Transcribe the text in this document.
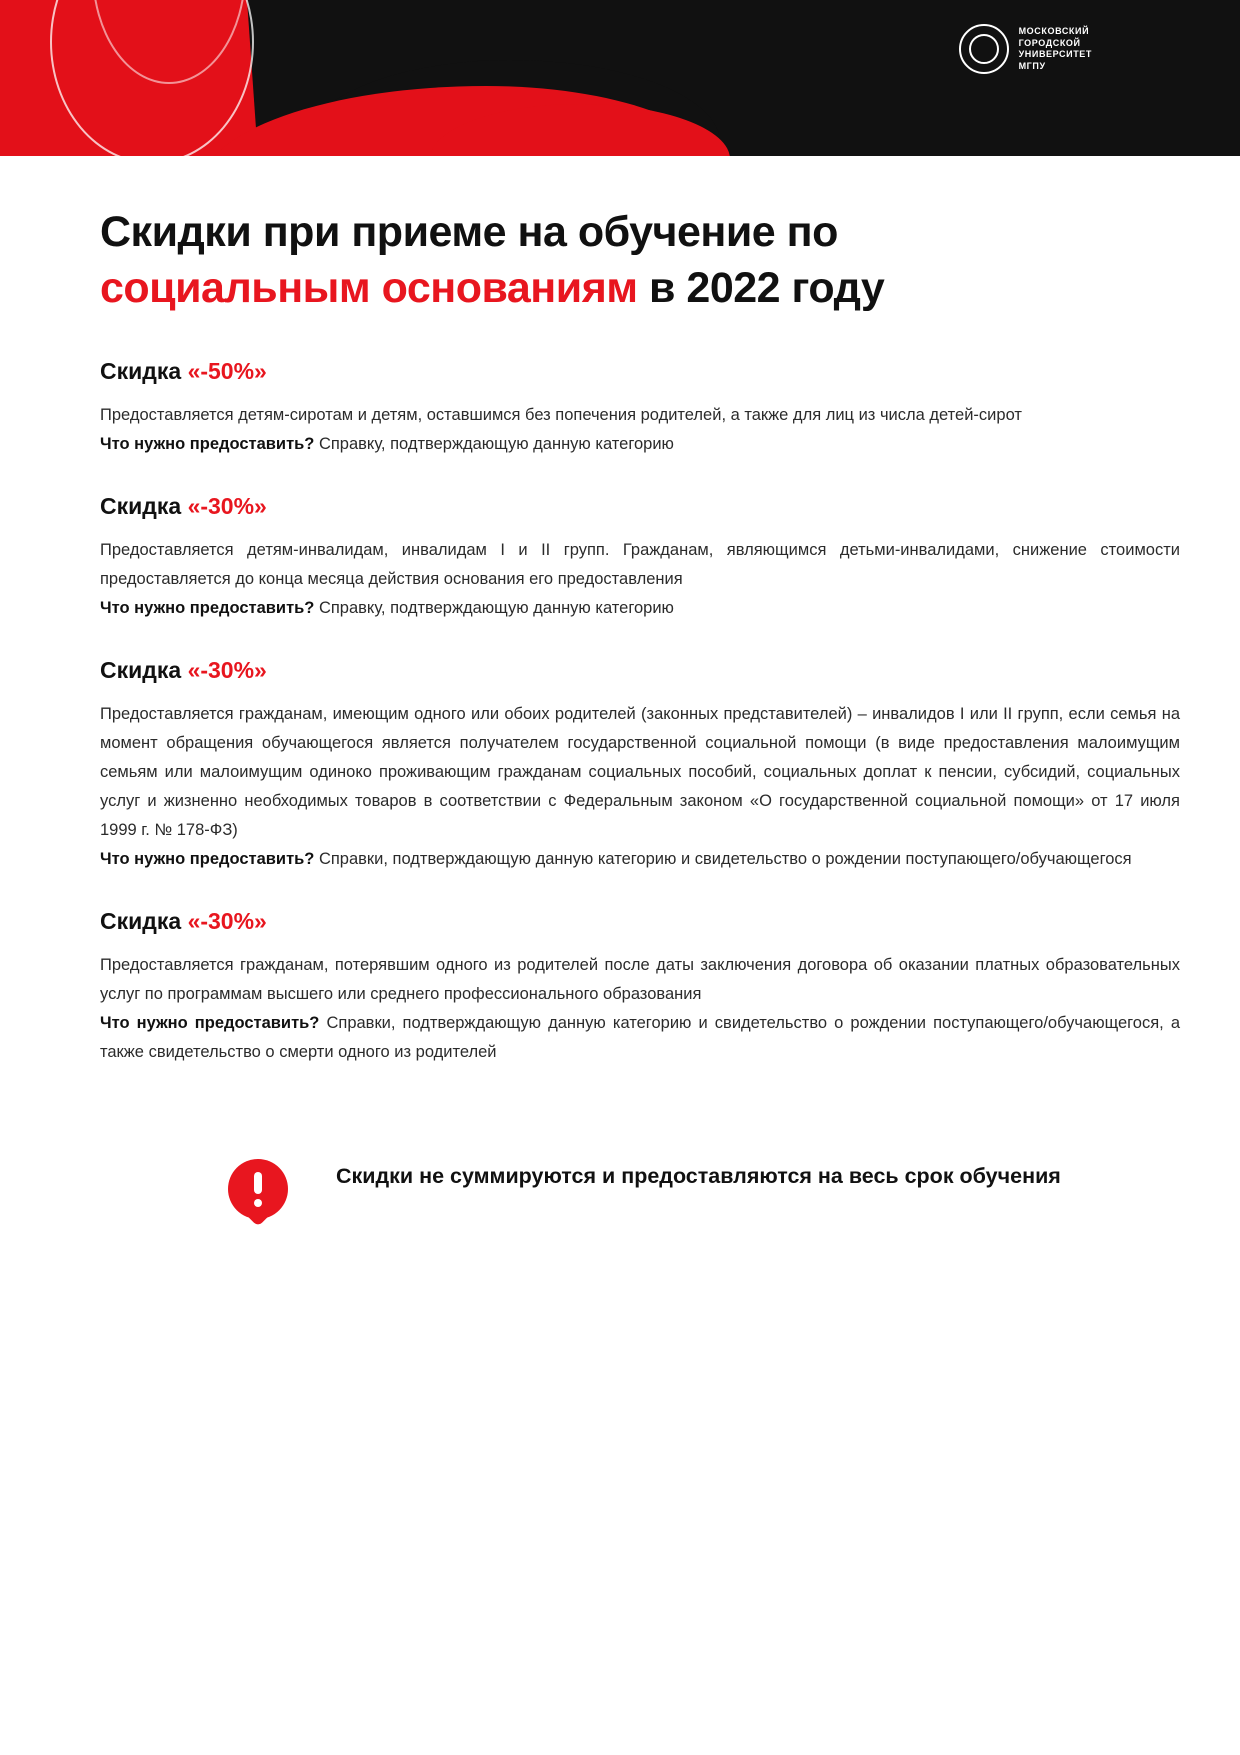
МОСКОВСКИЙ
ГОРОДСКОЙ
УНИВЕРСИТЕТ
МГПУ
Скидки при приеме на обучение по социальным основаниям в 2022 году
Скидка «-50%»
Предоставляется детям-сиротам и детям, оставшимся без попечения родителей, а также для лиц из числа детей-сирот
Что нужно предоставить? Справку, подтверждающую данную категорию
Скидка «-30%»
Предоставляется детям-инвалидам, инвалидам I и II групп. Гражданам, являющимся детьми-инвалидами, снижение стоимости предоставляется до конца месяца действия основания его предоставления
Что нужно предоставить? Справку, подтверждающую данную категорию
Скидка «-30%»
Предоставляется гражданам, имеющим одного или обоих родителей (законных представителей) – инвалидов I или II групп, если семья на момент обращения обучающегося является получателем государственной социальной помощи (в виде предоставления малоимущим семьям или малоимущим одиноко проживающим гражданам социальных пособий, социальных доплат к пенсии, субсидий, социальных услуг и жизненно необходимых товаров в соответствии с Федеральным законом «О государственной социальной помощи» от 17 июля 1999 г. № 178-ФЗ)
Что нужно предоставить? Справки, подтверждающую данную категорию и свидетельство о рождении поступающего/обучающегося
Скидка «-30%»
Предоставляется гражданам, потерявшим одного из родителей после даты заключения договора об оказании платных образовательных услуг по программам высшего или среднего профессионального образования
Что нужно предоставить? Справки, подтверждающую данную категорию и свидетельство о рождении поступающего/обучающегося, а также свидетельство о смерти одного из родителей
Скидки не суммируются и предоставляются на весь срок обучения
